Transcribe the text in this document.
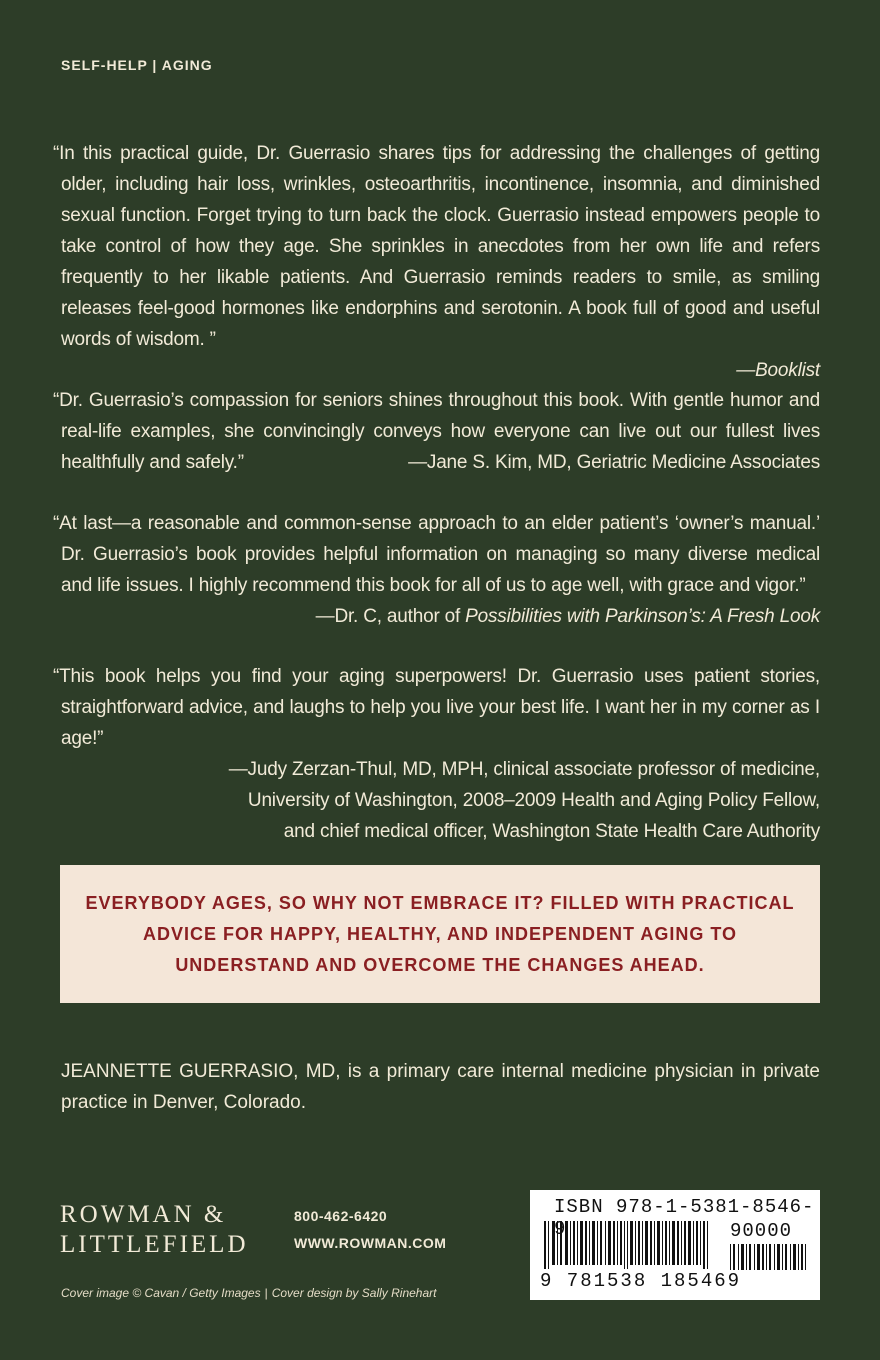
SELF-HELP | AGING

“In this practical guide, Dr. Guerrasio shares tips for addressing the challenges of getting older, including hair loss, wrinkles, osteoarthritis, incontinence, insomnia, and diminished sexual function. Forget trying to turn back the clock. Guerrasio instead empowers people to take control of how they age. She sprinkles in anecdotes from her own life and refers frequently to her likable patients. And Guerrasio reminds readers to smile, as smiling releases feel-good hormones like endorphins and serotonin. A book full of good and useful words of wisdom. ”

—Booklist

“Dr. Guerrasio’s compassion for seniors shines throughout this book. With gentle humor and real-life examples, she convincingly conveys how everyone can live out our fullest lives healthfully and safely.”	—Jane S. Kim, MD, Geriatric Medicine Associates

“At last—a reasonable and common-sense approach to an elder patient’s ‘owner’s manual.’ Dr. Guerrasio’s book provides helpful information on managing so many diverse medical and life issues. I highly recommend this book for all of us to age well, with grace and vigor.”

—Dr. C, author of Possibilities with Parkinson’s: A Fresh Look

“This book helps you find your aging superpowers! Dr. Guerrasio uses patient stories, straightforward advice, and laughs to help you live your best life. I want her in my corner as I age!”

—Judy Zerzan-Thul, MD, MPH, clinical associate professor of medicine,
University of Washington, 2008–2009 Health and Aging Policy Fellow,
and chief medical officer, Washington State Health Care Authority
EVERYBODY AGES, SO WHY NOT EMBRACE IT? FILLED WITH PRACTICAL ADVICE FOR HAPPY, HEALTHY, AND INDEPENDENT AGING TO UNDERSTAND AND OVERCOME THE CHANGES AHEAD.
JEANNETTE GUERRASIO, MD, is a primary care internal medicine physician in private practice in Denver, Colorado.
ROWMAN &
LITTLEFIELD
800-462-6420
WWW.ROWMAN.COM
Cover image © Cavan / Getty Images | Cover design by Sally Rinehart
ISBN 978-1-5381-8546-
90000
9 781538 185469
